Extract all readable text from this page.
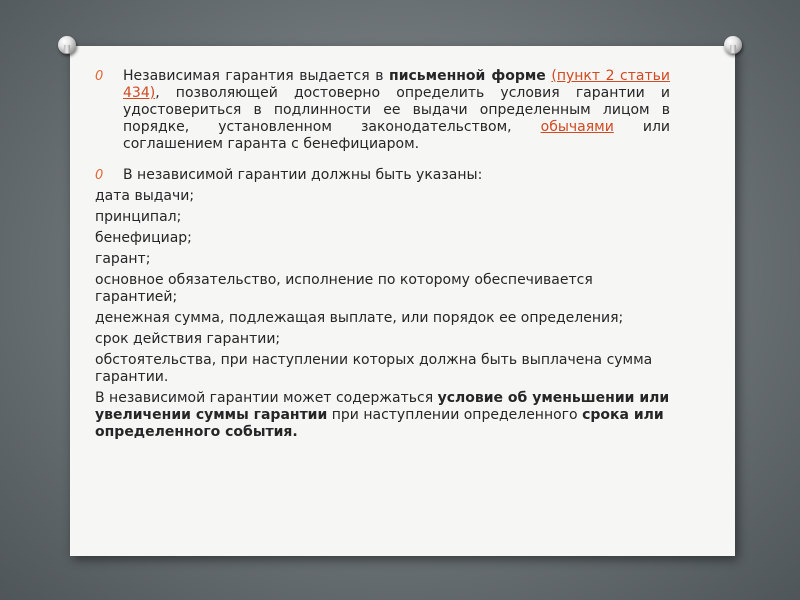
0 Независимая гарантия выдается в письменной форме (пункт 2 статьи 434), позволяющей достоверно определить условия гарантии и удостовериться в подлинности ее выдачи определенным лицом в порядке, установленном законодательством, обычаями или соглашением гаранта с бенефициаром.
0 В независимой гарантии должны быть указаны:
дата выдачи;
принципал;
бенефициар;
гарант;
основное обязательство, исполнение по которому обеспечивается гарантией;
денежная сумма, подлежащая выплате, или порядок ее определения;
срок действия гарантии;
обстоятельства, при наступлении которых должна быть выплачена сумма гарантии.
В независимой гарантии может содержаться условие об уменьшении или увеличении суммы гарантии при наступлении определенного срока или определенного события.
